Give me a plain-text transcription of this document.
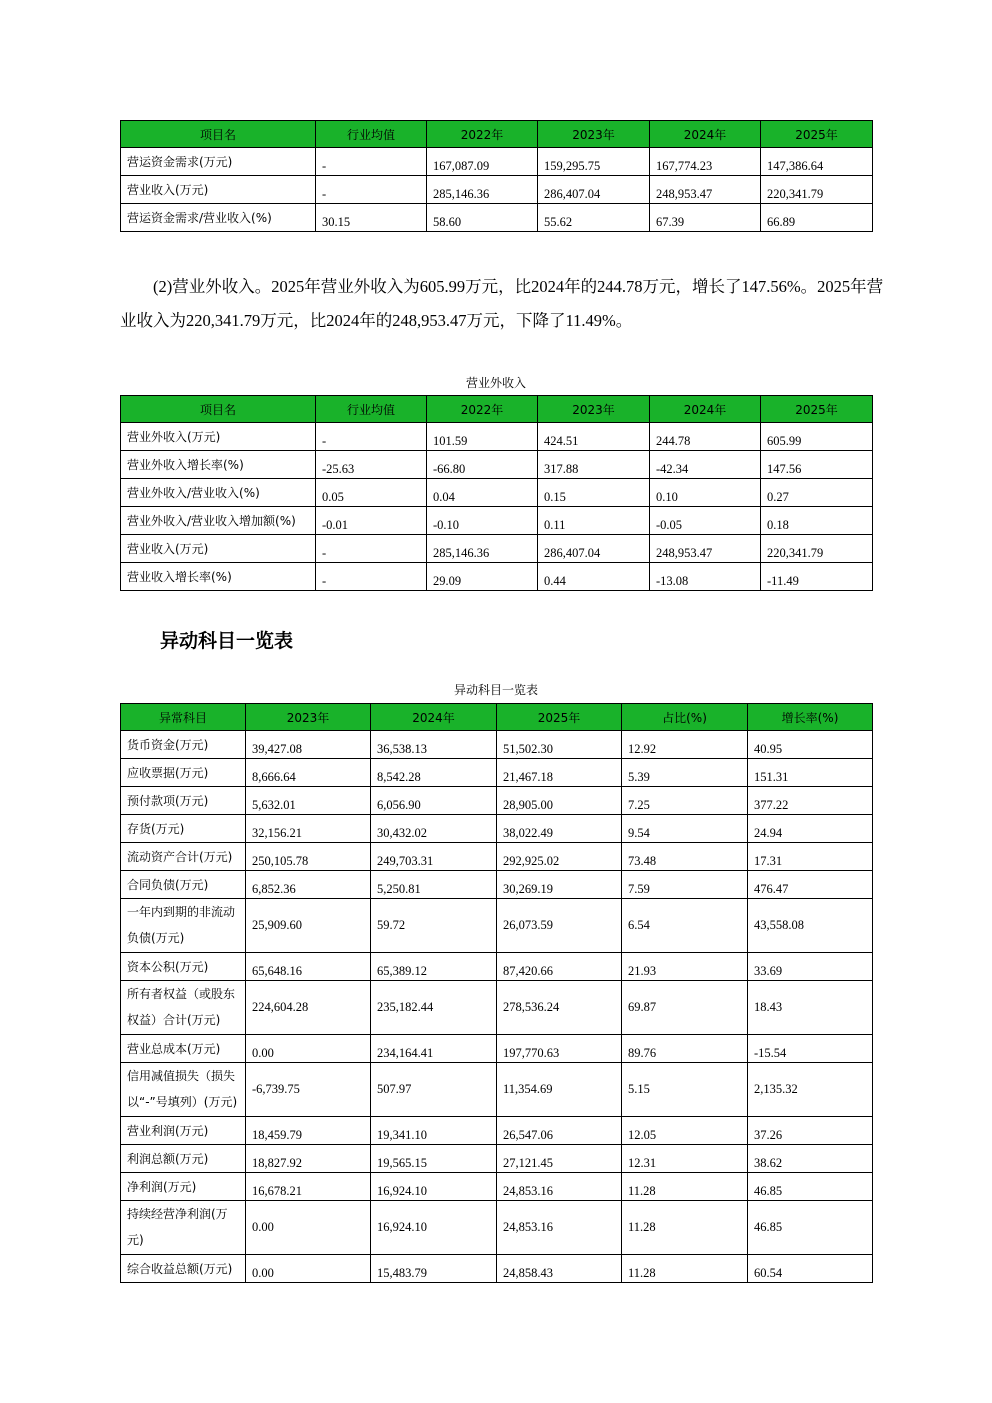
项目名	行业均值	2022年	2023年	2024年	2025年
营运资金需求(万元)	-	167,087.09	159,295.75	167,774.23	147,386.64
营业收入(万元)	-	285,146.36	286,407.04	248,953.47	220,341.79
营运资金需求/营业收入(%)	30.15	58.60	55.62	67.39	66.89

(2)营业外收入。2025年营业外收入为605.99万元，比2024年的244.78万元，增长了147.56%。2025年营业收入为220,341.79万元，比2024年的248,953.47万元，下降了11.49%。

营业外收入
项目名	行业均值	2022年	2023年	2024年	2025年
营业外收入(万元)	-	101.59	424.51	244.78	605.99
营业外收入增长率(%)	-25.63	-66.80	317.88	-42.34	147.56
营业外收入/营业收入(%)	0.05	0.04	0.15	0.10	0.27
营业外收入/营业收入增加额(%)	-0.01	-0.10	0.11	-0.05	0.18
营业收入(万元)	-	285,146.36	286,407.04	248,953.47	220,341.79
营业收入增长率(%)	-	29.09	0.44	-13.08	-11.49
异动科目一览表
异动科目一览表
异常科目	2023年	2024年	2025年	占比(%)	增长率(%)
货币资金(万元)	39,427.08	36,538.13	51,502.30	12.92	40.95
应收票据(万元)	8,666.64	8,542.28	21,467.18	5.39	151.31
预付款项(万元)	5,632.01	6,056.90	28,905.00	7.25	377.22
存货(万元)	32,156.21	30,432.02	38,022.49	9.54	24.94
流动资产合计(万元)	250,105.78	249,703.31	292,925.02	73.48	17.31
合同负债(万元)	6,852.36	5,250.81	30,269.19	7.59	476.47
一年内到期的非流动负债(万元)	25,909.60	59.72	26,073.59	6.54	43,558.08
资本公积(万元)	65,648.16	65,389.12	87,420.66	21.93	33.69
所有者权益（或股东权益）合计(万元)	224,604.28	235,182.44	278,536.24	69.87	18.43
营业总成本(万元)	0.00	234,164.41	197,770.63	89.76	-15.54
信用减值损失（损失以“-”号填列）(万元)	-6,739.75	507.97	11,354.69	5.15	2,135.32
营业利润(万元)	18,459.79	19,341.10	26,547.06	12.05	37.26
利润总额(万元)	18,827.92	19,565.15	27,121.45	12.31	38.62
净利润(万元)	16,678.21	16,924.10	24,853.16	11.28	46.85
持续经营净利润(万元)	0.00	16,924.10	24,853.16	11.28	46.85
综合收益总额(万元)	0.00	15,483.79	24,858.43	11.28	60.54
